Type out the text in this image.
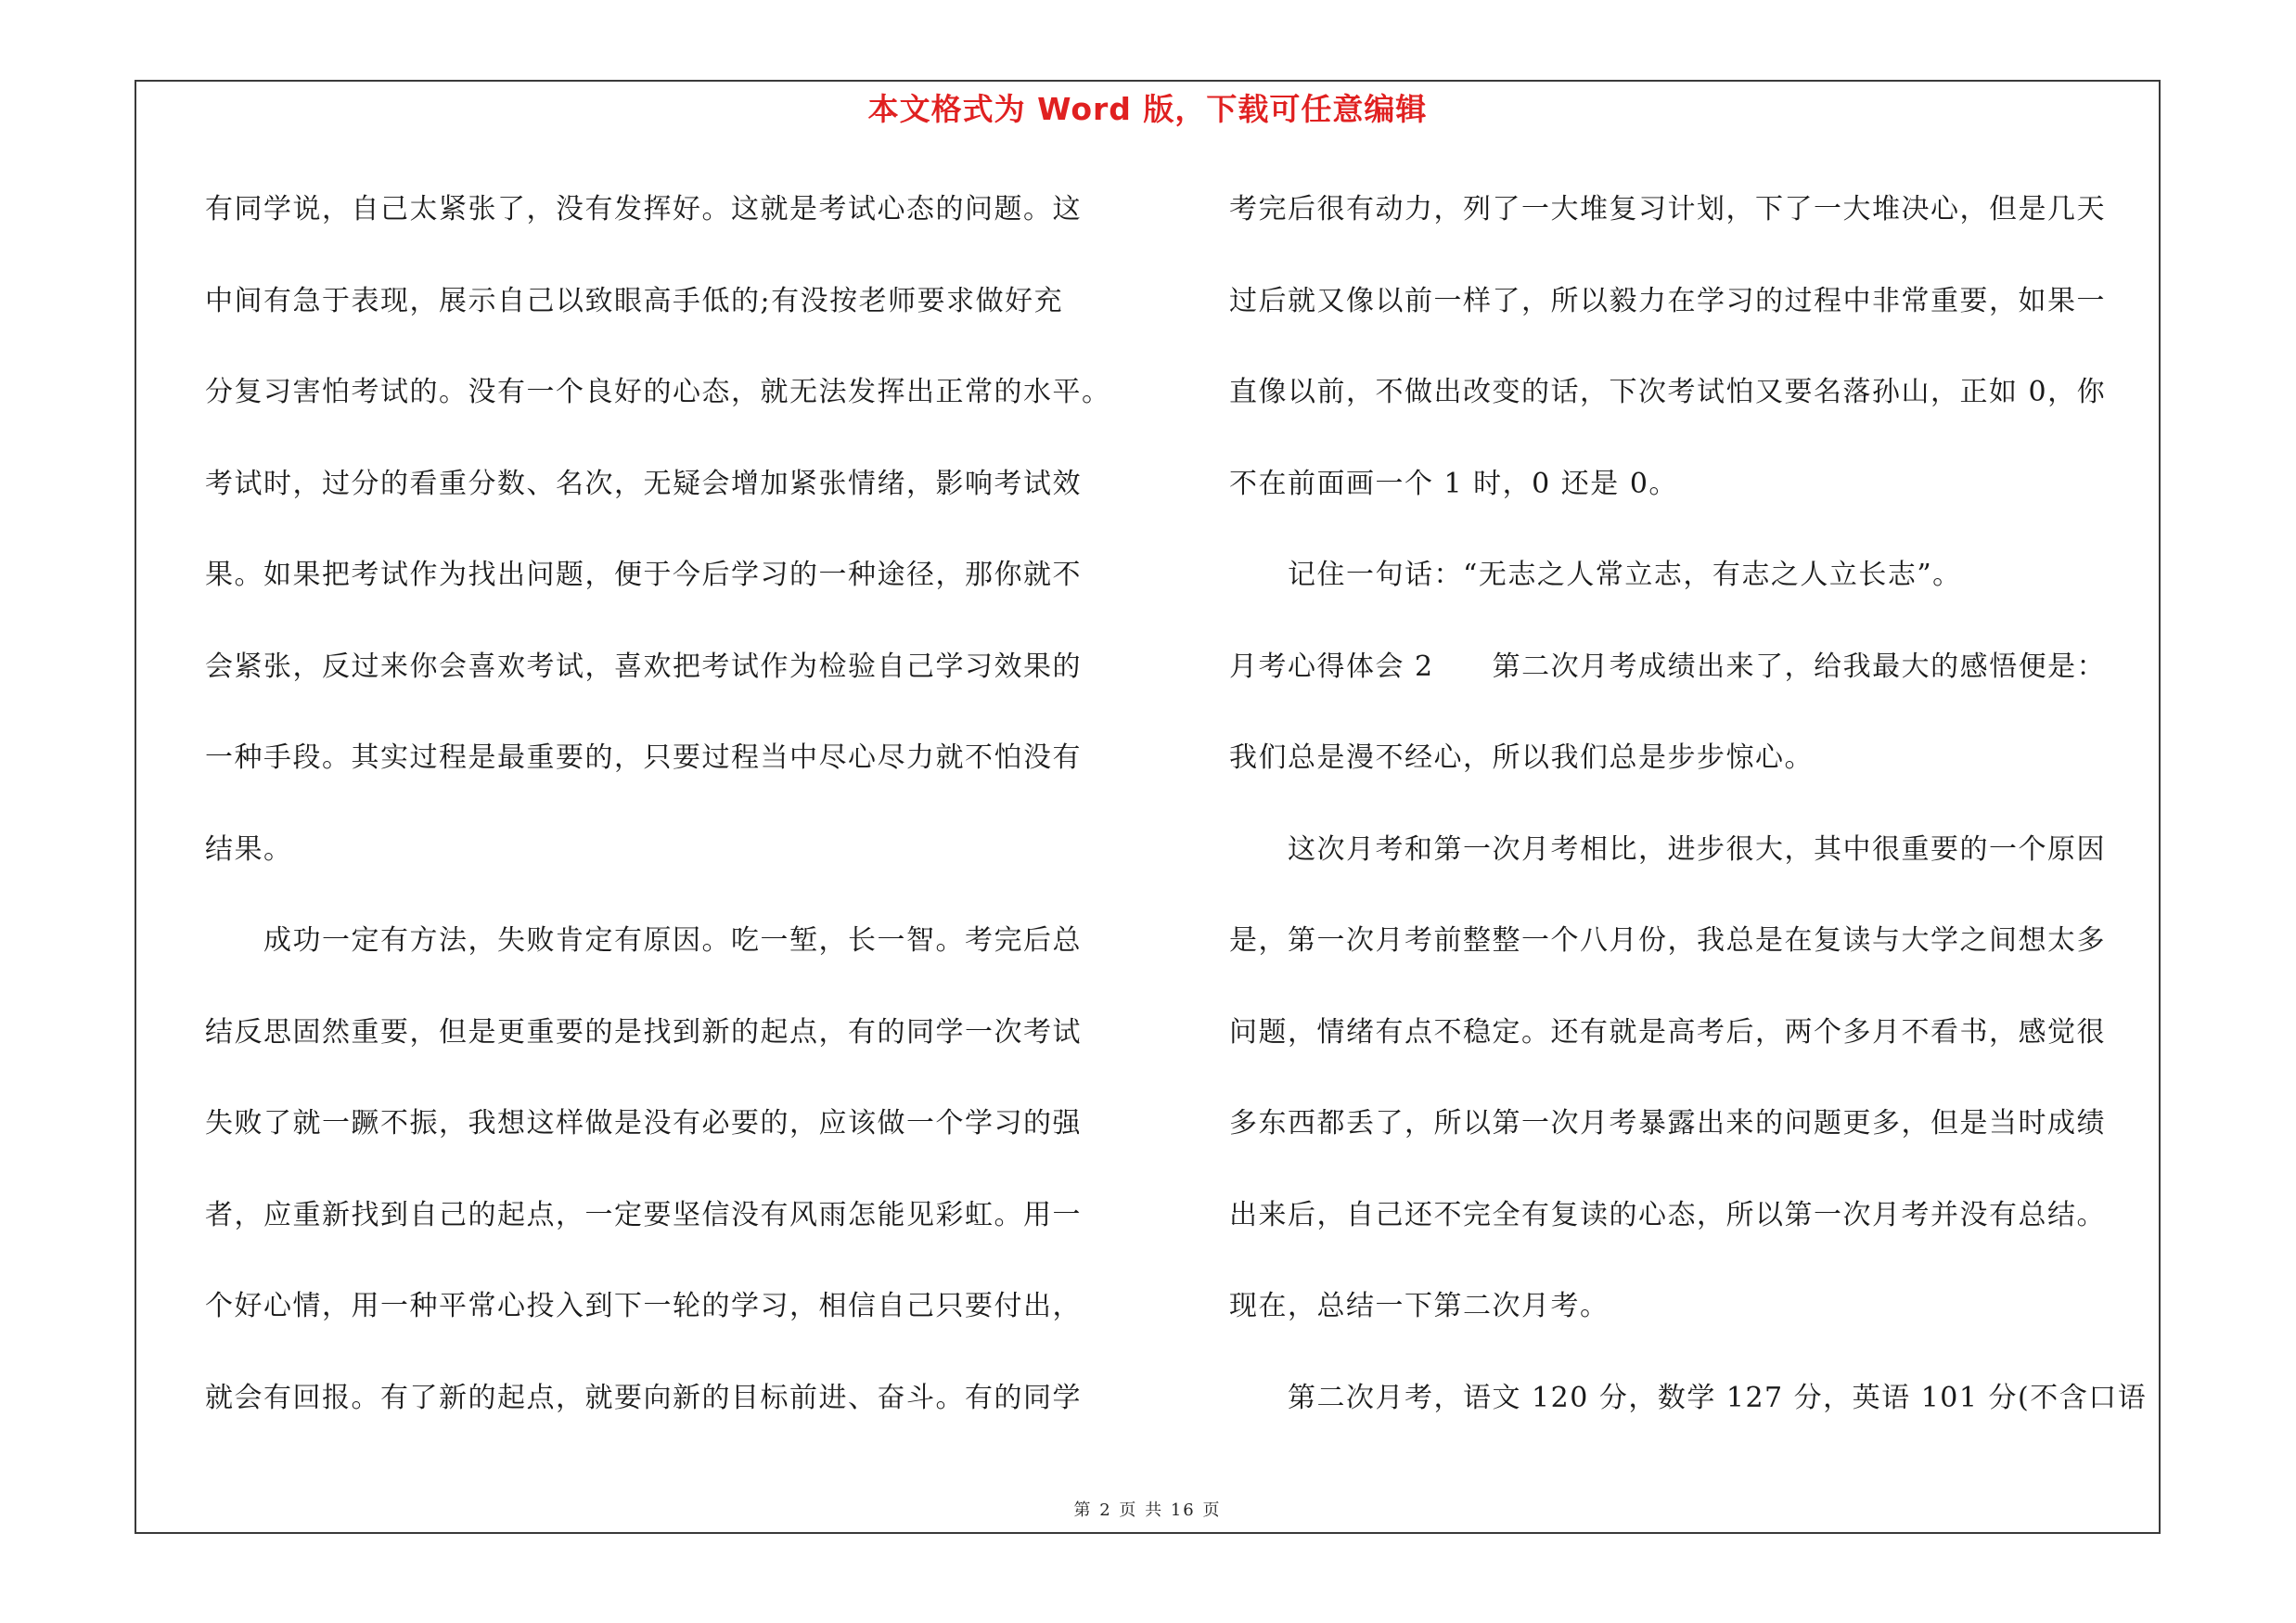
本文格式为 Word 版，下载可任意编辑
有同学说，自己太紧张了，没有发挥好。这就是考试心态的问题。这
中间有急于表现，展示自己以致眼高手低的;有没按老师要求做好充
分复习害怕考试的。没有一个良好的心态，就无法发挥出正常的水平。
考试时，过分的看重分数、名次，无疑会增加紧张情绪，影响考试效
果。如果把考试作为找出问题，便于今后学习的一种途径，那你就不
会紧张，反过来你会喜欢考试，喜欢把考试作为检验自己学习效果的
一种手段。其实过程是最重要的，只要过程当中尽心尽力就不怕没有
结果。
　　成功一定有方法，失败肯定有原因。吃一堑，长一智。考完后总
结反思固然重要，但是更重要的是找到新的起点，有的同学一次考试
失败了就一蹶不振，我想这样做是没有必要的，应该做一个学习的强
者，应重新找到自己的起点，一定要坚信没有风雨怎能见彩虹。用一
个好心情，用一种平常心投入到下一轮的学习，相信自己只要付出，
就会有回报。有了新的起点，就要向新的目标前进、奋斗。有的同学
考完后很有动力，列了一大堆复习计划，下了一大堆决心，但是几天
过后就又像以前一样了，所以毅力在学习的过程中非常重要，如果一
直像以前，不做出改变的话，下次考试怕又要名落孙山，正如 0，你
不在前面画一个 1 时，0 还是 0。
　　记住一句话：“无志之人常立志，有志之人立长志”。
月考心得体会 2　　第二次月考成绩出来了，给我最大的感悟便是：
我们总是漫不经心，所以我们总是步步惊心。
　　这次月考和第一次月考相比，进步很大，其中很重要的一个原因
是，第一次月考前整整一个八月份，我总是在复读与大学之间想太多
问题，情绪有点不稳定。还有就是高考后，两个多月不看书，感觉很
多东西都丢了，所以第一次月考暴露出来的问题更多，但是当时成绩
出来后，自己还不完全有复读的心态，所以第一次月考并没有总结。
现在，总结一下第二次月考。
　　第二次月考，语文 120 分，数学 127 分，英语 101 分(不含口语
第 2 页 共 16 页
